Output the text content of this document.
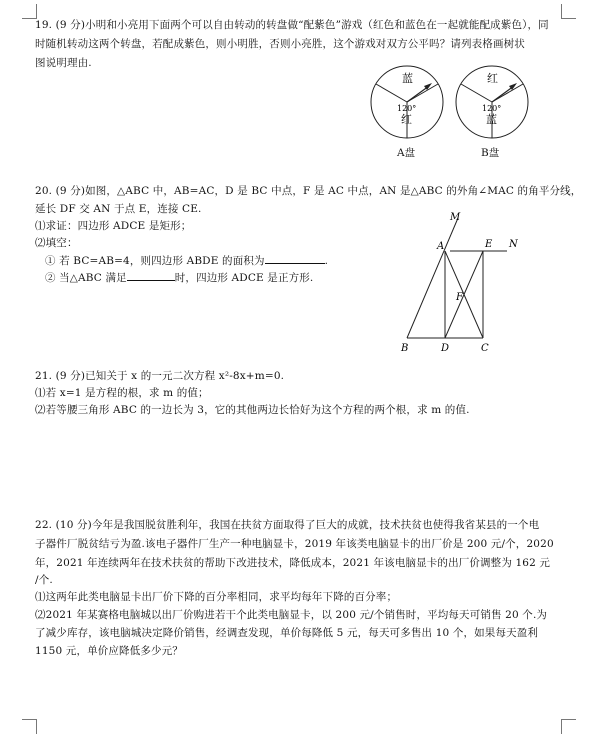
19. (9 分)小明和小亮用下面两个可以自由转动的转盘做“配紫色”游戏（红色和蓝色在一起就能配成紫色），同
时随机转动这两个转盘，若配成紫色，则小明胜，否则小亮胜，这个游戏对双方公平吗？请列表格画树状
图说明理由.
蓝
120°
红
红
120°
蓝
A盘	B盘
20. (9 分)如图，△ABC 中，AB=AC，D 是 BC 中点，F 是 AC 中点，AN 是△ABC 的外角∠MAC 的角平分线，
延长 DF 交 AN 于点 E，连接 CE.
⑴求证：四边形 ADCE 是矩形；
⑵填空：
① 若 BC=AB=4，则四边形 ABDE 的面积为	.
② 当△ABC 满足	时，四边形 ADCE 是正方形.
M
A	E N
F
B	D	C
21. (9 分)已知关于 x 的一元二次方程 x²-8x+m=0.
⑴若 x=1 是方程的根，求 m 的值；
⑵若等腰三角形 ABC 的一边长为 3，它的其他两边长恰好为这个方程的两个根，求 m 的值.
22. (10 分)今年是我国脱贫胜利年，我国在扶贫方面取得了巨大的成就，技术扶贫也使得我省某县的一个电
子器件厂脱贫结亏为盈.该电子器件厂生产一种电脑显卡，2019 年该类电脑显卡的出厂价是 200 元/个，2020
年，2021 年连续两年在技术扶贫的帮助下改进技术，降低成本，2021 年该电脑显卡的出厂价调整为 162 元
/个.
⑴这两年此类电脑显卡出厂价下降的百分率相同，求平均每年下降的百分率；
⑵2021 年某赛格电脑城以出厂价购进若干个此类电脑显卡，以 200 元/个销售时，平均每天可销售 20 个.为
了减少库存，该电脑城决定降价销售，经调查发现，单价每降低 5 元，每天可多售出 10 个，如果每天盈利
1150 元，单价应降低多少元？
